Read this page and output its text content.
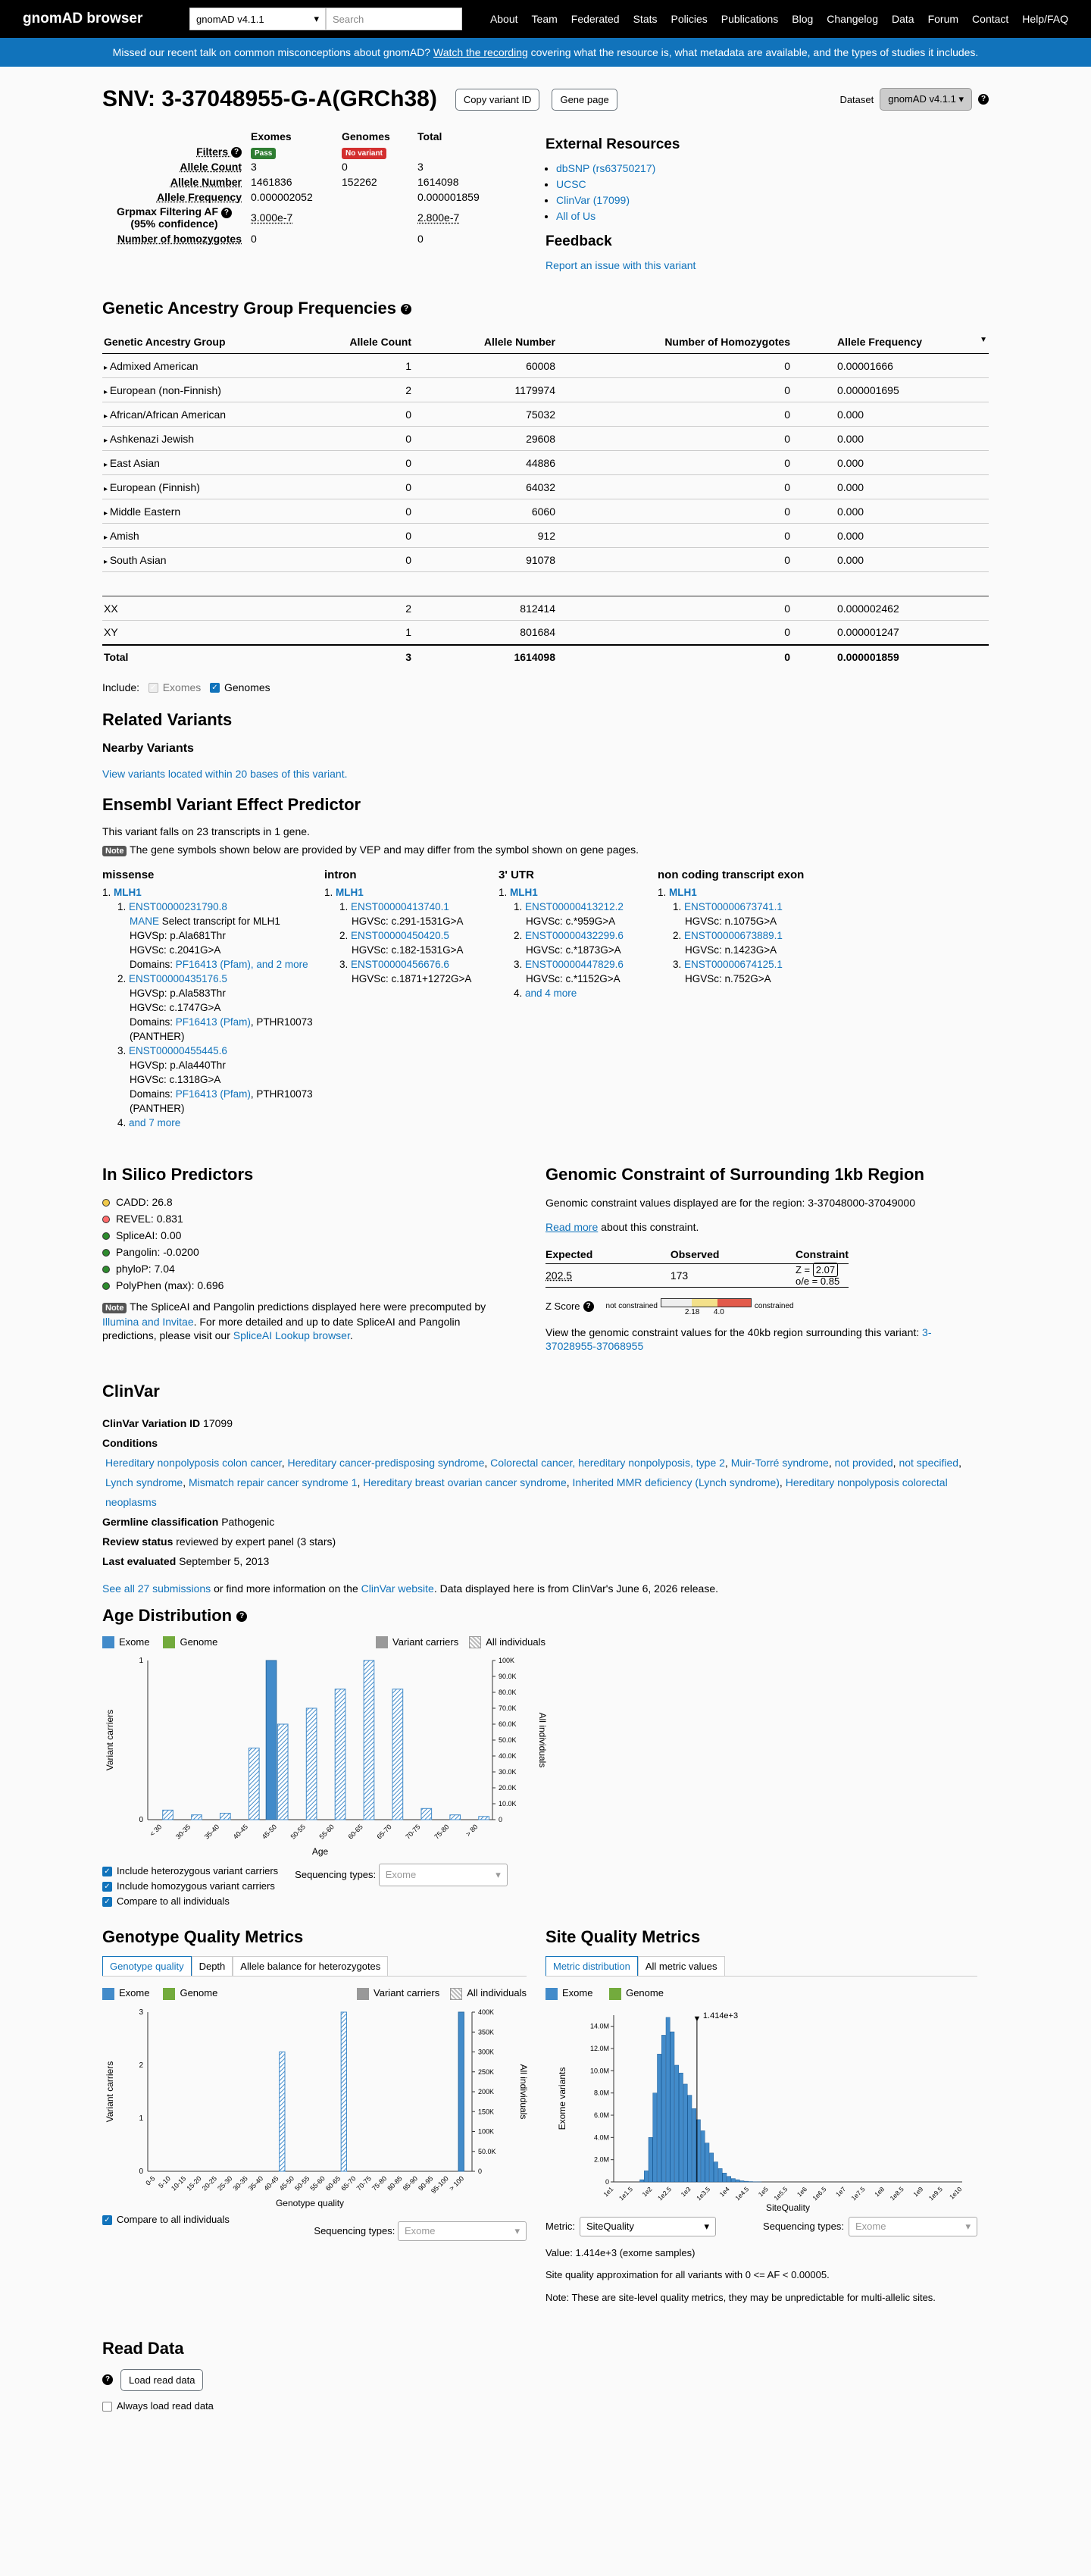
gnomAD browser	gnomAD v4.1.1	▾ Search	About Team Federated Stats Policies Publications Blog Changelog Data Forum Contact Help/FAQ
Missed our recent talk on common misconceptions about gnomAD?
Watch the recording
covering what the resource is, what metadata are available, and the types of studies it includes.
SNV: 3-37048955-G-A(GRCh38)	Copy variant ID	Gene page	Dataset	gnomAD v4.1.1 ▾	?
	Exomes	Genomes	Total
Filters ?	Pass	No variant	
Allele Count	3	0	3
Allele Number	1461836	152262	1614098
Allele Frequency	0.000002052		0.000001859
Grpmax Filtering AF ?
(95% confidence)	3.000e-7		2.800e-7
Number of homozygotes	0		0
External Resources
• dbSNP (rs63750217)
• UCSC
• ClinVar (17099)
• All of Us
Feedback
Report an issue with this variant
Genetic Ancestry Group Frequencies ?
Genetic Ancestry Group	Allele Count	Allele Number	Number of Homozygotes	Allele Frequency ▼

▸ Admixed American	1	60008	0	0.00001666
▸ European (non-Finnish)	2	1179974	0	0.000001695
▸ African/African American	0	75032	0	0.000
▸ Ashkenazi Jewish	0	29608	0	0.000
▸ East Asian	0	44886	0	0.000
▸ European (Finnish)	0	64032	0	0.000
▸ Middle Eastern	0	6060	0	0.000
▸ Amish	0	912	0	0.000
▸ South Asian	0	91078	0	0.000

XX	2	812414	0	0.000002462
XY	1	801684	0	0.000001247
Total	3	1614098	0	0.000001859
Include: ✓ Exomes ✓ Genomes
Related Variants
Nearby Variants
View variants located within 20 bases of this variant.
Ensembl Variant Effect Predictor
This variant falls on 23 transcripts in 1 gene.
Note The gene symbols shown below are provided by VEP and may differ from the symbol shown on gene pages.
missense
1. MLH1
1. ENST00000231790.8
MANE Select transcript for MLH1
HGVSp: p.Ala681Thr
HGVSc: c.2041G>A
Domains: PF16413 (Pfam), and 2 more
2. ENST00000435176.5
HGVSp: p.Ala583Thr
HGVSc: c.1747G>A
Domains: PF16413 (Pfam), PTHR10073 (PANTHER)
3. ENST00000455445.6
HGVSp: p.Ala440Thr
HGVSc: c.1318G>A
Domains: PF16413 (Pfam), PTHR10073 (PANTHER)
4. and 7 more
intron
1. MLH1
1. ENST00000413740.1
HGVSc: c.291-1531G>A
2. ENST00000450420.5
HGVSc: c.182-1531G>A
3. ENST00000456676.6
HGVSc: c.1871+1272G>A
3' UTR
1. MLH1
1. ENST00000413212.2
HGVSc: c.*959G>A
2. ENST00000432299.6
HGVSc: c.*1873G>A
3. ENST00000447829.6
HGVSc: c.*1152G>A
4. and 4 more
non coding transcript exon
1. MLH1
1. ENST00000673741.1
HGVSc: n.1075G>A
2. ENST00000673889.1
HGVSc: n.1423G>A
3. ENST00000674125.1
HGVSc: n.752G>A
In Silico Predictors
CADD: 26.8
REVEL: 0.831
SpliceAI: 0.00
Pangolin: -0.0200
phyloP: 7.04
PolyPhen (max): 0.696
Note The SpliceAI and Pangolin predictions displayed here were precomputed by Illumina and Invitae. For more detailed and up to date SpliceAI and Pangolin predictions, please visit our SpliceAI Lookup browser.
Genomic Constraint of Surrounding 1kb Region
Genomic constraint values displayed are for the region: 3-37048000-37049000
Read more about this constraint.
Expected	Observed	Constraint
202.5	173	Z = 2.07
o/e = 0.85
Z Score ?	not constrained
2.18 4.0
constrained
View the genomic constraint values for the 40kb region surrounding this variant: 3-37028955-37068955
ClinVar
ClinVar Variation ID 17099
Conditions
Hereditary nonpolyposis colon cancer, Hereditary cancer-predisposing syndrome, Colorectal cancer, hereditary nonpolyposis, type 2, Muir-Torré syndrome, not provided, not specified, Lynch syndrome, Mismatch repair cancer syndrome 1, Hereditary breast ovarian cancer syndrome, Inherited MMR deficiency (Lynch syndrome), Hereditary nonpolyposis colorectal neoplasms
Germline classification Pathogenic
Review status reviewed by expert panel (3 stars)
Last evaluated September 5, 2013
See all 27 submissions or find more information on the ClinVar website. Data displayed here is from ClinVar's June 6, 2026 release.
Age Distribution ?
Exome	Genome	Variant carriers	All individuals
0
1
0
10.0K
20.0K
30.0K
40.0K
50.0K
60.0K
70.0K
80.0K
90.0K
100K
< 30 30-35 35-40 40-45 45-50 50-55 55-60 60-65 65-70 70-75 75-80 > 80
Age
Variant carriers	All individuals
✓ Include heterozygous variant carriers
✓ Include homozygous variant carriers
✓ Compare to all individuals
Sequencing types: Exome	▾
Genotype Quality Metrics
Genotype quality Depth Allele balance for heterozygotes
Exome	Genome	Variant carriers	All individuals
0
1
2
3
0
50.0K
100K
150K
200K
250K
300K
350K
400K
0-5 5-10
10-15
15-20
20-25
25-30
30-35
35-40
40-45
45-50
50-55
55-60
60-65
65-70
70-75
75-80
80-85
85-90
90-95
95-100
> 100
Genotype quality
Variant carriers	All individuals
✓ Compare to all individuals
Sequencing types: Exome	▾
Site Quality Metrics
Metric distribution All metric values
Exome	Genome
0
2.0M
4.0M
6.0M
8.0M
10.0M
12.0M
14.0M
1e1 1e1.5 1e2 1e2.5 1e3 1e3.5 1e4 1e4.5 1e5 1e5.5 1e6 1e6.5 1e7 1e7.5 1e8 1e8.5 1e9 1e9.5 1e10
▼ 1.414e+3
SiteQuality
Exome variants
Metric:	SiteQuality	▾	Sequencing types:	Exome	▾
Value: 1.414e+3 (exome samples)
Site quality approximation for all variants with 0 <= AF < 0.00005.
Note: These are site-level quality metrics, they may be unpredictable for multi-allelic sites.
Read Data
?	Load read data
Always load read data
